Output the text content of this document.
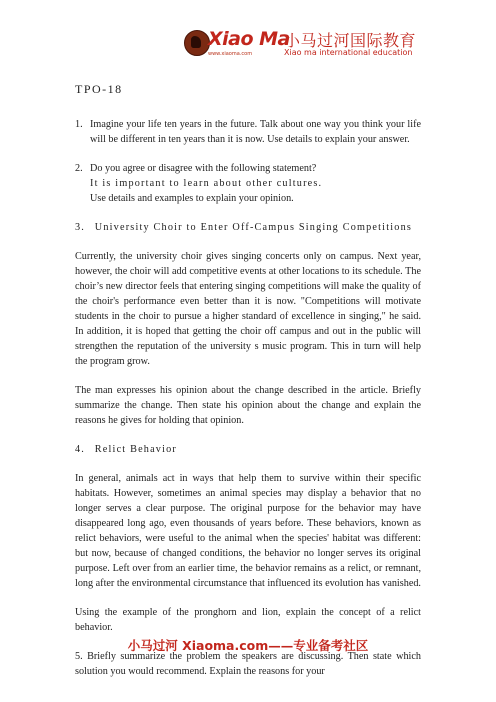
Xiao Ma
www.xiaoma.com
小马过河国际教育
Xiao ma international education
TPO-18
1. Imagine your life ten years in the future. Talk about one way you think your life will be different in ten years than it is now. Use details to explain your answer.
2. Do you agree or disagree with the following statement?
It is important to learn about other cultures.
Use details and examples to explain your opinion.
3. University Choir to Enter Off-Campus Singing Competitions
Currently, the university choir gives singing concerts only on campus. Next year, however, the choir will add competitive events at other locations to its schedule. The choir’s new director feels that entering singing competitions will make the quality of the choir's performance even better than it is now. "Competitions will motivate students in the choir to pursue a higher standard of excellence in singing," he said. In addition, it is hoped that getting the choir off campus and out in the public will strengthen the reputation of the university s music program. This in turn will help the program grow.
The man expresses his opinion about the change described in the article. Briefly summarize the change. Then state his opinion about the change and explain the reasons he gives for holding that opinion.
4. Relict Behavior
In general, animals act in ways that help them to survive within their specific habitats. However, sometimes an animal species may display a behavior that no longer serves a clear purpose. The original purpose for the behavior may have disappeared long ago, even thousands of years before. These behaviors, known as relict behaviors, were useful to the animal when the species' habitat was different: but now, because of changed conditions, the behavior no longer serves its original purpose. Left over from an earlier time, the behavior remains as a relict, or remnant, long after the environmental circumstance that influenced its evolution has vanished.
Using the example of the pronghorn and lion, explain the concept of a relict behavior.
5. Briefly summarize the problem the speakers are discussing. Then state which solution you would recommend. Explain the reasons for your
小马过河 Xiaoma.com——专业备考社区
